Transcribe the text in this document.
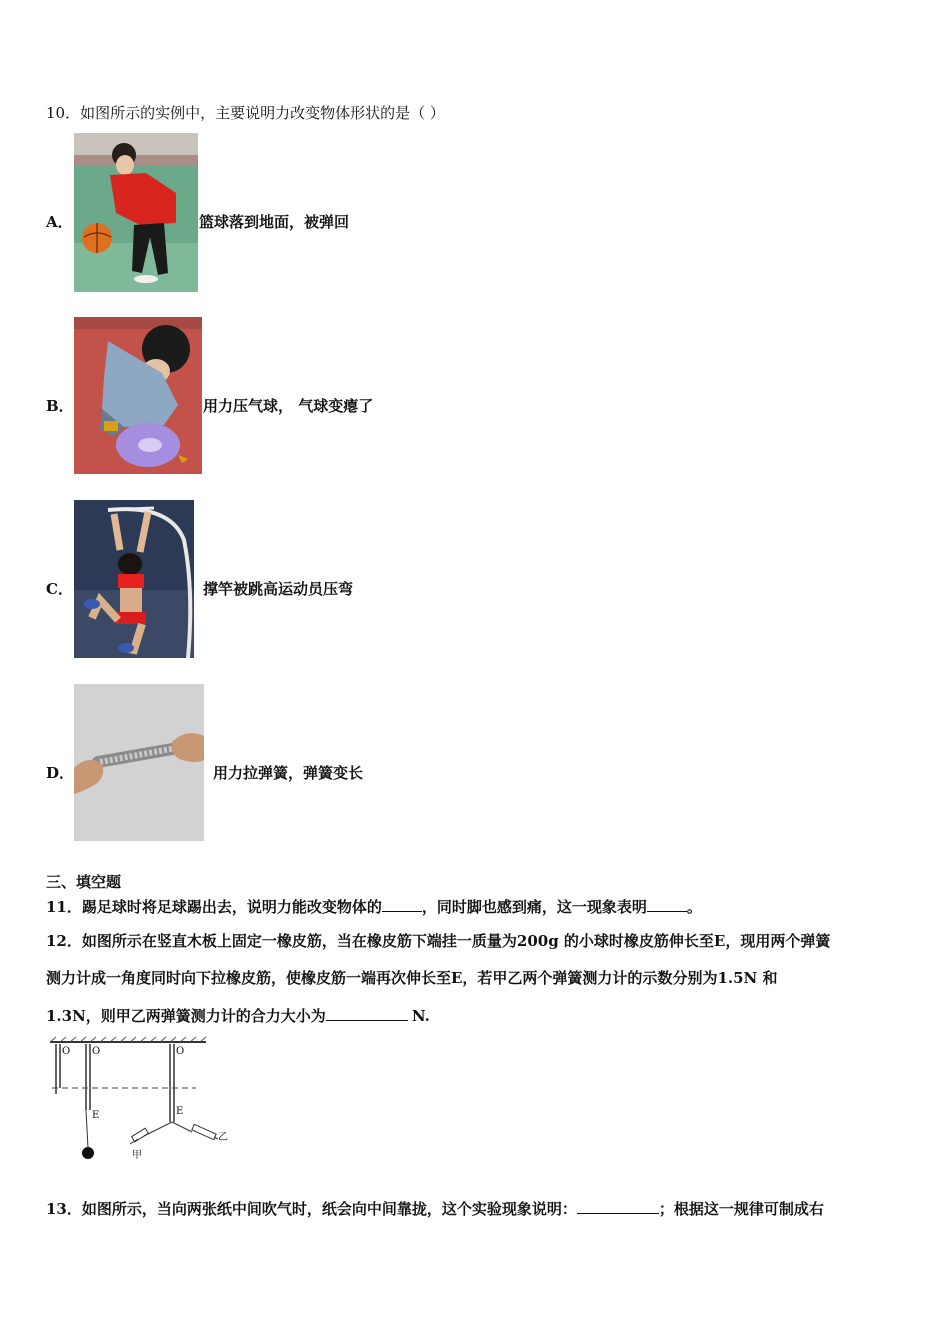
10．如图所示的实例中，主要说明力改变物体形状的是（ ）
A．	篮球落到地面，被弹回
B．	用力压气球， 气球变瘪了
C．	撑竿被跳高运动员压弯
D．	用力拉弹簧，弹簧变长
三、填空题
11．踢足球时将足球踢出去，说明力能改变物体的	，同时脚也感到痛，这一现象表明	。
12．如图所示在竖直木板上固定一橡皮筋，当在橡皮筋下端挂一质量为200g 的小球时橡皮筋伸长至E，现用两个弹簧
测力计成一角度同时向下拉橡皮筋，使橡皮筋一端再次伸长至E，若甲乙两个弹簧测力计的示数分别为1.5N 和
1.3N，则甲乙两弹簧测力计的合力大小为	N.
O O	O
E	E
甲
乙
13．如图所示，当向两张纸中间吹气时，纸会向中间靠拢，这个实验现象说明：	；根据这一规律可制成右
